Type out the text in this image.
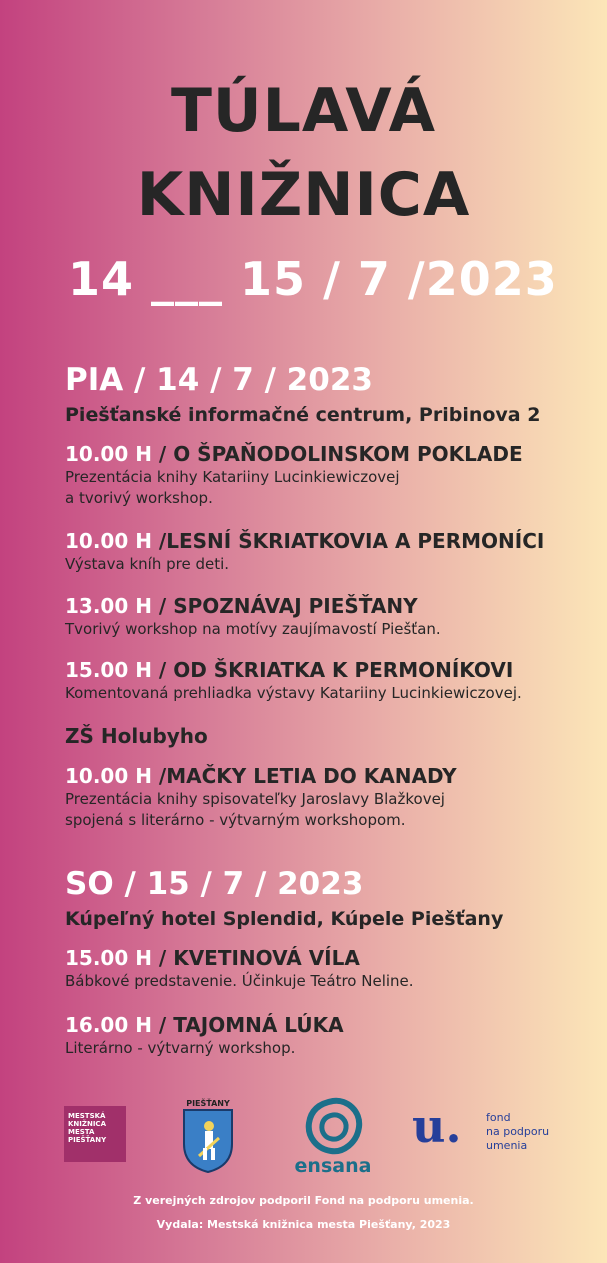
TÚLAVÁ
KNIŽNICA
14 ___ 15 / 7 /2023
PIA / 14 / 7 / 2023
Piešťanské informačné centrum, Pribinova 2
10.00 H / O ŠPAŇODOLINSKOM POKLADE
Prezentácia knihy Katariiny Lucinkiewiczovej
a tvorivý workshop.
10.00 H /LESNÍ ŠKRIATKOVIA A PERMONÍCI
Výstava kníh pre deti.
13.00 H / SPOZNÁVAJ PIEŠŤANY
Tvorivý workshop na motívy zaujímavostí Piešťan.
15.00 H / OD ŠKRIATKA K PERMONÍKOVI
Komentovaná prehliadka výstavy Katariiny Lucinkiewiczovej.
ZŠ Holubyho
10.00 H /MAČKY LETIA DO KANADY
Prezentácia knihy spisovateľky Jaroslavy Blažkovej
spojená s literárno - výtvarným workshopom.
SO / 15 / 7 / 2023
Kúpeľný hotel Splendid, Kúpele Piešťany
15.00 H / KVETINOVÁ VÍLA
Bábkové predstavenie. Účinkuje Teátro Neline.
16.00 H / TAJOMNÁ LÚKA
Literárno - výtvarný workshop.
MESTSKÁ
KNIŽNICA
MESTA
PIEŠŤANY
PIEŠŤANY
ensana
u. fond
na podporu
umenia
Z verejných zdrojov podporil Fond na podporu umenia.
Vydala: Mestská knižnica mesta Piešťany, 2023
